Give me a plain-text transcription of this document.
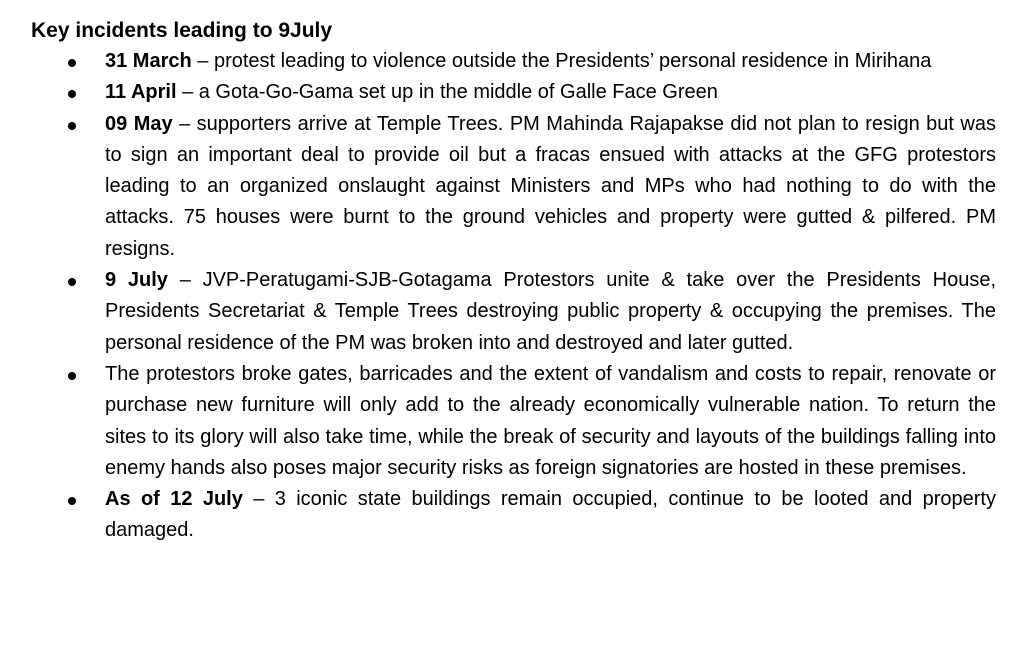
Key incidents leading to 9July

31 March – protest leading to violence outside the Presidents’ personal residence in Mirihana
11 April – a Gota-Go-Gama set up in the middle of Galle Face Green
09 May – supporters arrive at Temple Trees. PM Mahinda Rajapakse did not plan to resign but was to sign an important deal to provide oil but a fracas ensued with attacks at the GFG protestors leading to an organized onslaught against Ministers and MPs who had nothing to do with the attacks. 75 houses were burnt to the ground vehicles and property were gutted & pilfered. PM resigns.
9 July – JVP-Peratugami-SJB-Gotagama Protestors unite & take over the Presidents House, Presidents Secretariat & Temple Trees destroying public property & occupying the premises. The personal residence of the PM was broken into and destroyed and later gutted.
The protestors broke gates, barricades and the extent of vandalism and costs to repair, renovate or purchase new furniture will only add to the already economically vulnerable nation. To return the sites to its glory will also take time, while the break of security and layouts of the buildings falling into enemy hands also poses major security risks as foreign signatories are hosted in these premises.
As of 12 July – 3 iconic state buildings remain occupied, continue to be looted and property damaged.
